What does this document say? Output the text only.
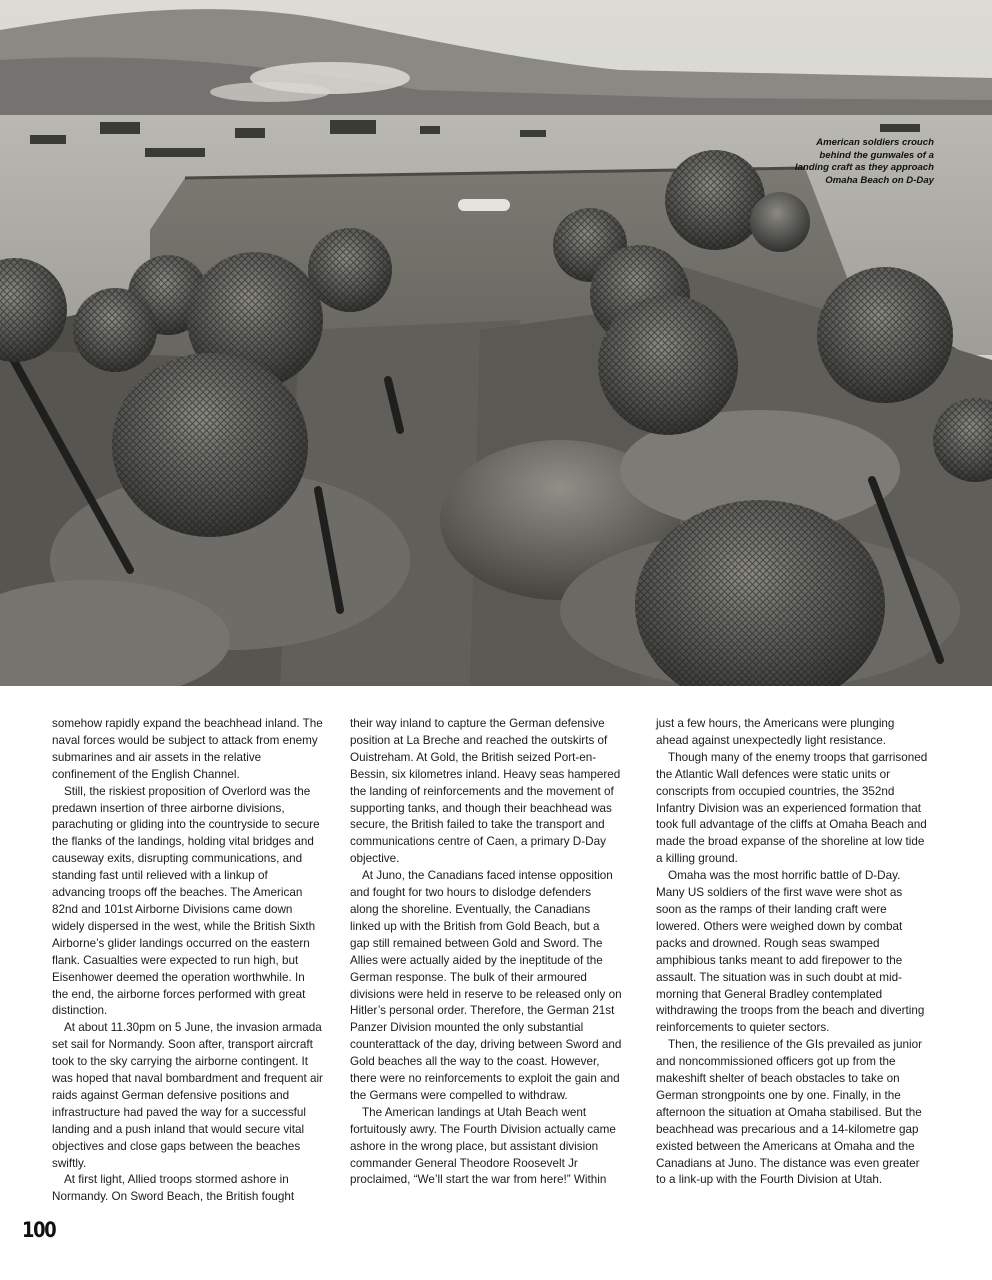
American soldiers crouch behind the gunwales of a landing craft as they approach Omaha Beach on D-Day

somehow rapidly expand the beachhead inland. The naval forces would be subject to attack from enemy submarines and air assets in the relative confinement of the English Channel.

Still, the riskiest proposition of Overlord was the predawn insertion of three airborne divisions, parachuting or gliding into the countryside to secure the flanks of the landings, holding vital bridges and causeway exits, disrupting communications, and standing fast until relieved with a linkup of advancing troops off the beaches. The American 82nd and 101st Airborne Divisions came down widely dispersed in the west, while the British Sixth Airborne’s glider landings occurred on the eastern flank. Casualties were expected to run high, but Eisenhower deemed the operation worthwhile. In the end, the airborne forces performed with great distinction.

At about 11.30pm on 5 June, the invasion armada set sail for Normandy. Soon after, transport aircraft took to the sky carrying the airborne contingent. It was hoped that naval bombardment and frequent air raids against German defensive positions and infrastructure had paved the way for a successful landing and a push inland that would secure vital objectives and close gaps between the beaches swiftly.

At first light, Allied troops stormed ashore in Normandy. On Sword Beach, the British fought

their way inland to capture the German defensive position at La Breche and reached the outskirts of Ouistreham. At Gold, the British seized Port-en-Bessin, six kilometres inland. Heavy seas hampered the landing of reinforcements and the movement of supporting tanks, and though their beachhead was secure, the British failed to take the transport and communications centre of Caen, a primary D-Day objective.

At Juno, the Canadians faced intense opposition and fought for two hours to dislodge defenders along the shoreline. Eventually, the Canadians linked up with the British from Gold Beach, but a gap still remained between Gold and Sword. The Allies were actually aided by the ineptitude of the German response. The bulk of their armoured divisions were held in reserve to be released only on Hitler’s personal order. Therefore, the German 21st Panzer Division mounted the only substantial counterattack of the day, driving between Sword and Gold beaches all the way to the coast. However, there were no reinforcements to exploit the gain and the Germans were compelled to withdraw.

The American landings at Utah Beach went fortuitously awry. The Fourth Division actually came ashore in the wrong place, but assistant division commander General Theodore Roosevelt Jr proclaimed, “We’ll start the war from here!” Within

just a few hours, the Americans were plunging ahead against unexpectedly light resistance.

Though many of the enemy troops that garrisoned the Atlantic Wall defences were static units or conscripts from occupied countries, the 352nd Infantry Division was an experienced formation that took full advantage of the cliffs at Omaha Beach and made the broad expanse of the shoreline at low tide a killing ground.

Omaha was the most horrific battle of D-Day. Many US soldiers of the first wave were shot as soon as the ramps of their landing craft were lowered. Others were weighed down by combat packs and drowned. Rough seas swamped amphibious tanks meant to add firepower to the assault. The situation was in such doubt at mid-morning that General Bradley contemplated withdrawing the troops from the beach and diverting reinforcements to quieter sectors.

Then, the resilience of the GIs prevailed as junior and noncommissioned officers got up from the makeshift shelter of beach obstacles to take on German strongpoints one by one. Finally, in the afternoon the situation at Omaha stabilised. But the beachhead was precarious and a 14-kilometre gap existed between the Americans at Omaha and the Canadians at Juno. The distance was even greater to a link-up with the Fourth Division at Utah.

100
